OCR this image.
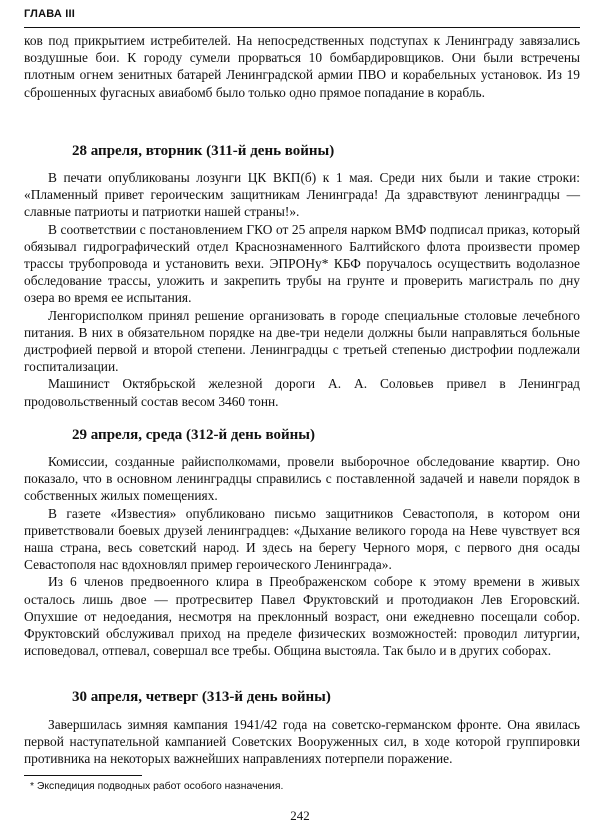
ГЛАВА III

ков под прикрытием истребителей. На непосредственных подступах к Ленинграду завязались воздушные бои. К городу сумели прорваться 10 бомбардировщиков. Они были встречены плотным огнем зенитных батарей Ленинградской армии ПВО и корабельных установок. Из 19 сброшенных фугасных авиабомб было только одно прямое попадание в корабль.

28 апреля, вторник (311-й день войны)

В печати опубликованы лозунги ЦК ВКП(б) к 1 мая. Среди них были и такие строки: «Пламенный привет героическим защитникам Ленинграда! Да здравствуют ленинградцы — славные патриоты и патриотки нашей страны!».

В соответствии с постановлением ГКО от 25 апреля нарком ВМФ подписал приказ, который обязывал гидрографический отдел Краснознаменного Балтийского флота произвести промер трассы трубопровода и установить вехи. ЭПРОНу* КБФ поручалось осуществить водолазное обследование трассы, уложить и закрепить трубы на грунте и проверить магистраль по дну озера во время ее испытания.

Ленгорисполком принял решение организовать в городе специальные столовые лечебного питания. В них в обязательном порядке на две-три недели должны были направляться больные дистрофией первой и второй степени. Ленинградцы с третьей степенью дистрофии подлежали госпитализации.

Машинист Октябрьской железной дороги А. А. Соловьев привел в Ленинград продовольственный состав весом 3460 тонн.

29 апреля, среда (312-й день войны)

Комиссии, созданные райисполкомами, провели выборочное обследование квартир. Оно показало, что в основном ленинградцы справились с поставленной задачей и навели порядок в собственных жилых помещениях.

В газете «Известия» опубликовано письмо защитников Севастополя, в котором они приветствовали боевых друзей ленинградцев: «Дыхание великого города на Неве чувствует вся наша страна, весь советский народ. И здесь на берегу Черного моря, с первого дня осады Севастополя нас вдохновлял пример героического Ленинграда».

Из 6 членов предвоенного клира в Преображенском соборе к этому времени в живых осталось лишь двое — протресвитер Павел Фруктовский и протодиакон Лев Егоровский. Опухшие от недоедания, несмотря на преклонный возраст, они ежедневно посещали собор. Фруктовский обслуживал приход на пределе физических возможностей: проводил литургии, исповедовал, отпевал, совершал все требы. Община выстояла. Так было и в других соборах.

30 апреля, четверг (313-й день войны)

Завершилась зимняя кампания 1941/42 года на советско-германском фронте. Она явилась первой наступательной кампанией Советских Вооруженных сил, в ходе которой группировки противника на некоторых важнейших направлениях потерпели поражение.

* Экспедиция подводных работ особого назначения.
242
